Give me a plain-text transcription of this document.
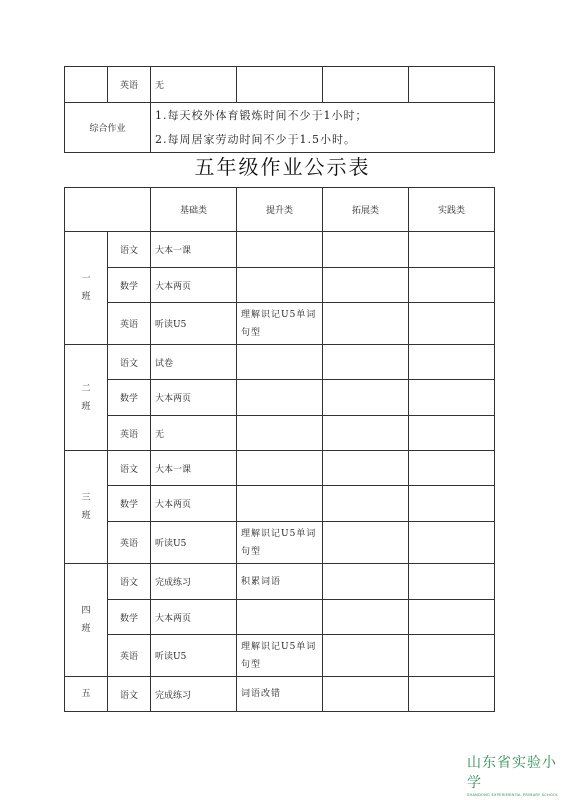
	英语	无			
综合作业		1.每天校外体育锻炼时间不少于1小时；
2.每周居家劳动时间不少于1.5小时。			
五年级作业公示表
		基础类	提升类	拓展类	实践类

一
班	语文	大本一课			
	数学	大本两页			
	英语	听读U5	理解识记U5单词句型		

二
班	语文	试卷			
	数学	大本两页			
	英语	无			

三
班	语文	大本一课			
	数学	大本两页			
	英语	听读U5	理解识记U5单词句型		

四
班	语文	完成练习	积累词语		
	数学	大本两页			
	英语	听读U5	理解识记U5单词句型		

五	语文	完成练习	词语改错		
山东省实验小学
SHANDONG EXPERIMENTAL PRIMARY SCHOOL
